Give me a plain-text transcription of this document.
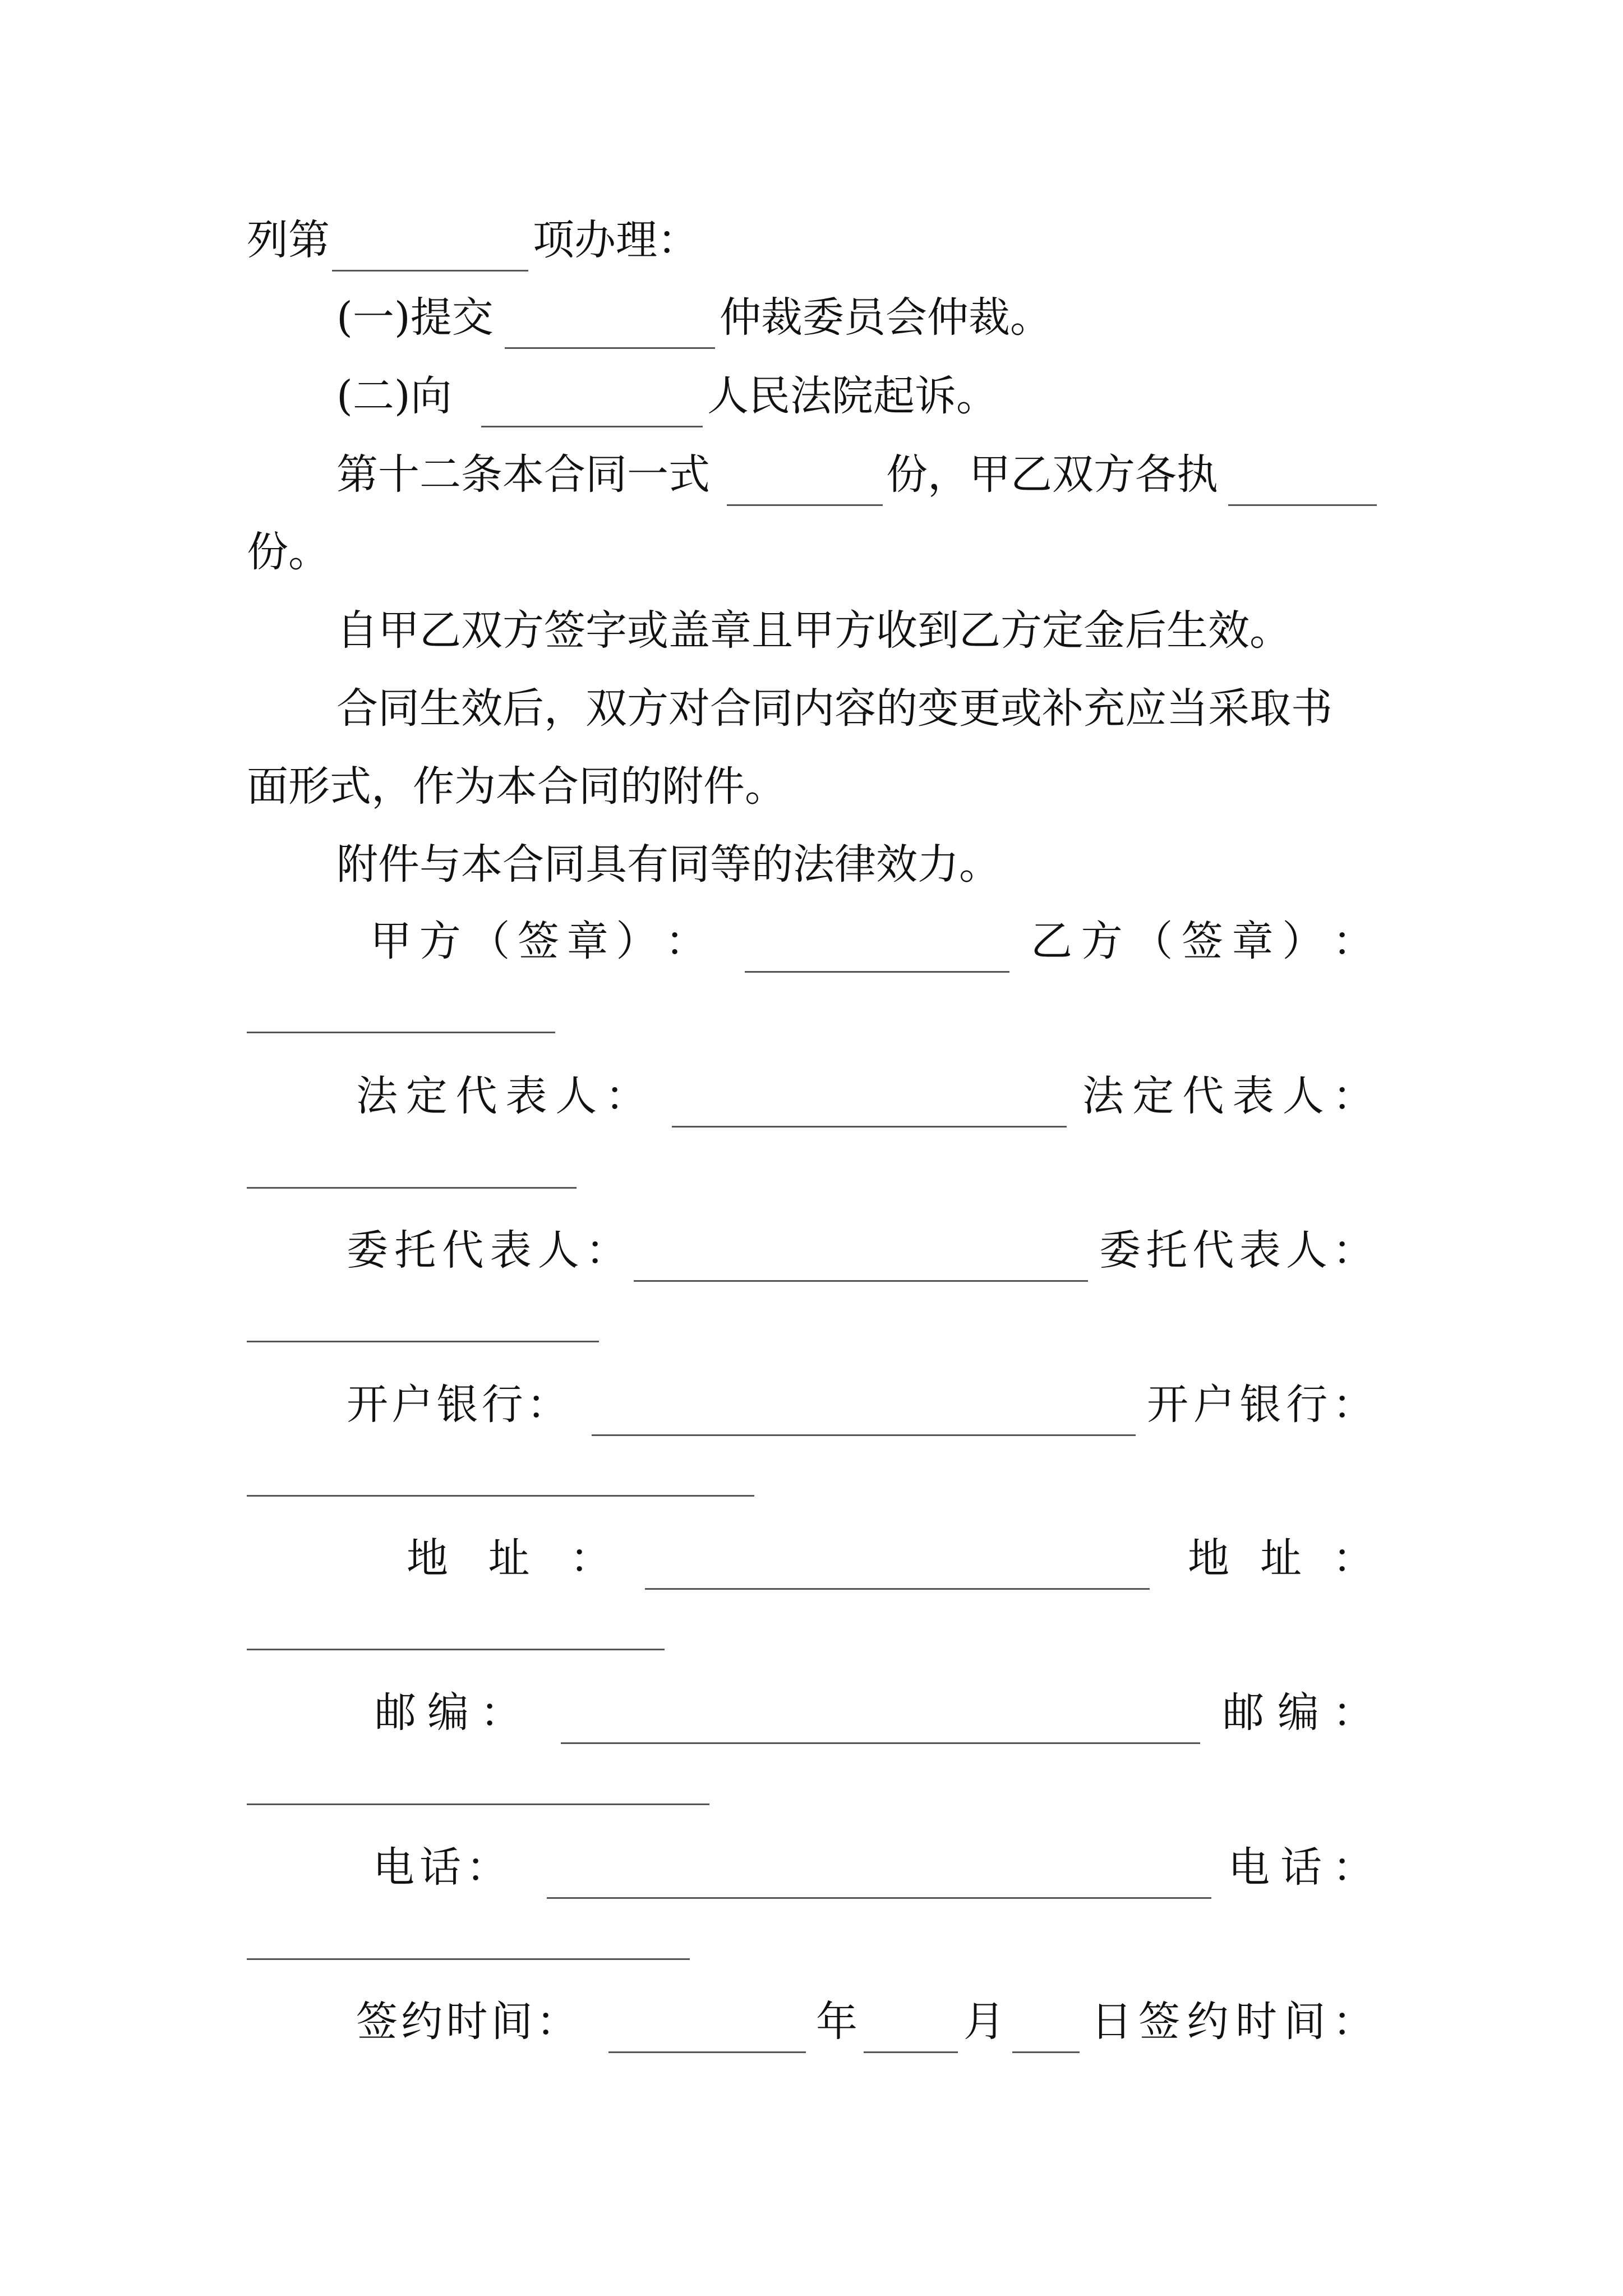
列第	项办理：
(一)提交	仲裁委员会仲裁。
(二)向	人民法院起诉。
第十二条本合同一式	份，甲乙双方各执
份。
自甲乙双方签字或盖章且甲方收到乙方定金后生效。
合同生效后，双方对合同内容的变更或补充应当采取书
面形式，作为本合同的附件。
附件与本合同具有同等的法律效力。
甲 方 （ 签 章 ） ：	乙 方 （ 签 章 ） ：
法 定 代 表 人 ：	法 定 代 表 人 ：
委 托 代 表 人 ：	委 托 代 表 人 ：
开 户 银 行 ：	开 户 银 行 ：
地 址 ：	地 址 ：
邮 编 ：	邮 编 ：
电 话 ：	电 话 ：
签 约 时 间 ：	年	月 日 签 约 时 间 ：
